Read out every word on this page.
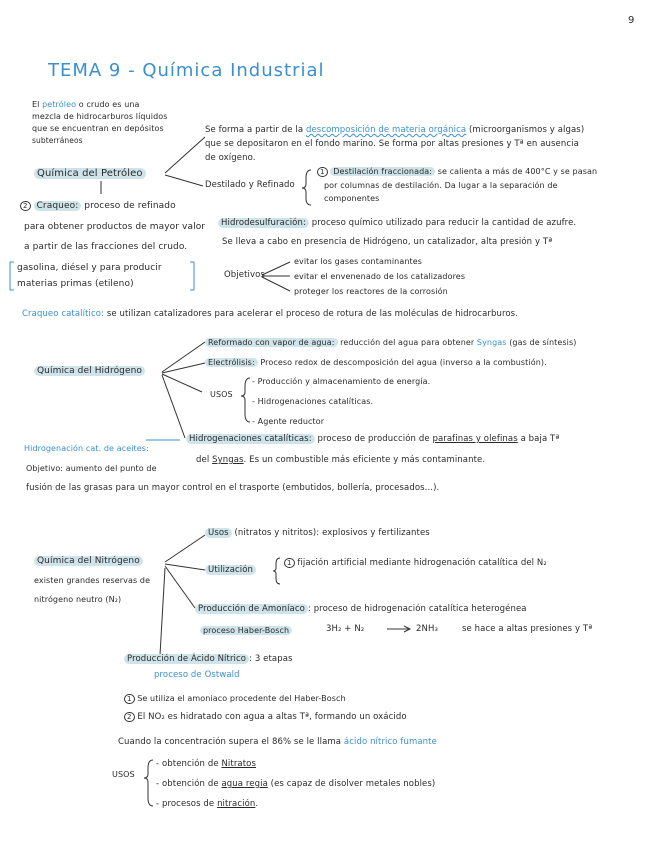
9
TEMA 9 - Química Industrial
El petróleo o crudo es una
mezcla de hidrocarburos líquidos
que se encuentran en depósitos
subterráneos
Se forma a partir de la descomposición de materia orgánica (microorganismos y algas)
que se depositaron en el fondo marino. Se forma por altas presiones y Tª en ausencia
de oxígeno.
Química del Petróleo
Destilado y Refinado
1 Destilación fraccionada: se calienta a más de 400°C y se pasan
por columnas de destilación. Da lugar a la separación de
componentes
2 Craqueo: proceso de refinado
para obtener productos de mayor valor
a partir de las fracciones del crudo.
gasolina, diésel y para producir
materias primas (etileno)
Hidrodesulfuración: proceso químico utilizado para reducir la cantidad de azufre.
Se lleva a cabo en presencia de Hidrógeno, un catalizador, alta presión y Tª
Objetivos
evitar los gases contaminantes
evitar el envenenado de los catalizadores
proteger los reactores de la corrosión
Craqueo catalítico: se utilizan catalizadores para acelerar el proceso de rotura de las moléculas de hidrocarburos.
Reformado con vapor de agua: reducción del agua para obtener Syngas (gas de síntesis)
Electrólisis: Proceso redox de descomposición del agua (inverso a la combustión).
Química del Hidrógeno
USOS
- Producción y almacenamiento de energía.
- Hidrogenaciones catalíticas.
- Agente reductor
Hidrogenaciones catalíticas: proceso de producción de parafinas y olefinas a baja Tª
del Syngas. Es un combustible más eficiente y más contaminante.
Hidrogenación cat. de aceites:
Objetivo: aumento del punto de
fusión de las grasas para un mayor control en el trasporte (embutidos, bollería, procesados...).
Usos (nitratos y nitritos): explosivos y fertilizantes
Química del Nitrógeno
existen grandes reservas de
nitrógeno neutro (N₂)
Utilización
1 fijación artificial mediante hidrogenación catalítica del N₂
Producción de Amoníaco : proceso de hidrogenación catalítica heterogénea
proceso Haber-Bosch	3H₂ + N₂	2NH₃	se hace a altas presiones y Tª
Producción de Ácido Nítrico : 3 etapas
proceso de Ostwald
1 Se utiliza el amoniaco procedente del Haber-Bosch
2 El NO₂ es hidratado con agua a altas Tª, formando un oxácido
Cuando la concentración supera el 86% se le llama ácido nítrico fumante
USOS
- obtención de Nitratos
- obtención de agua regia (es capaz de disolver metales nobles)
- procesos de nitración.
